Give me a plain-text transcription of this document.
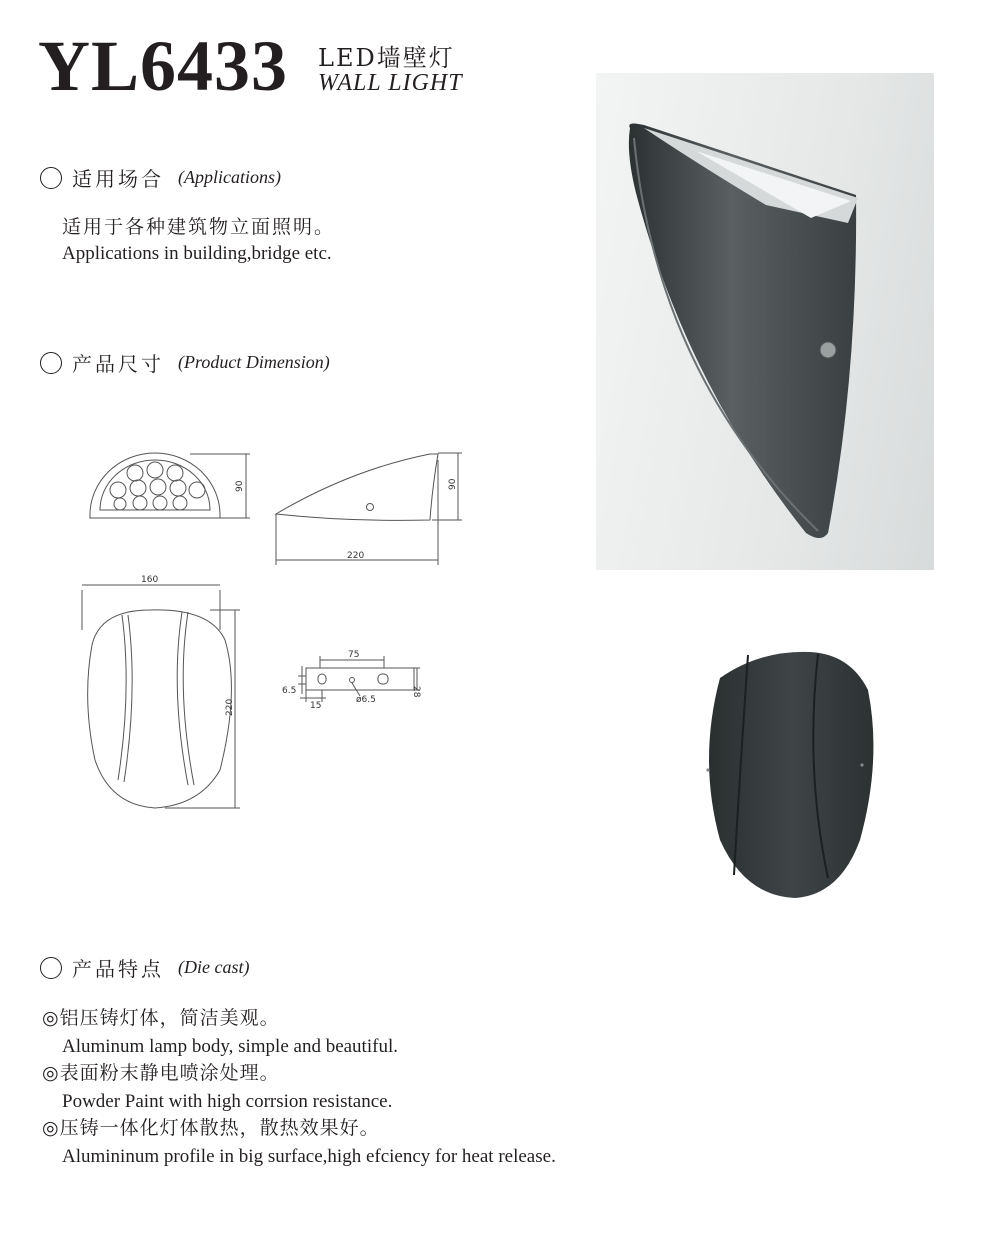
YL6433 LED墙壁灯
WALL LIGHT
适用场合 (Applications)
适用于各种建筑物立面照明。
Applications in building,bridge etc.
产品尺寸 (Product Dimension)
90	90
220
160
220
75
28
15
ø6.5
6.5
产品特点 (Die cast)
◎铝压铸灯体，简洁美观。
Aluminum lamp body, simple and beautiful.
◎表面粉末静电喷涂处理。
Powder Paint with high corrsion resistance.
◎压铸一体化灯体散热，散热效果好。
Alumininum profile in big surface,high efciency for heat release.
